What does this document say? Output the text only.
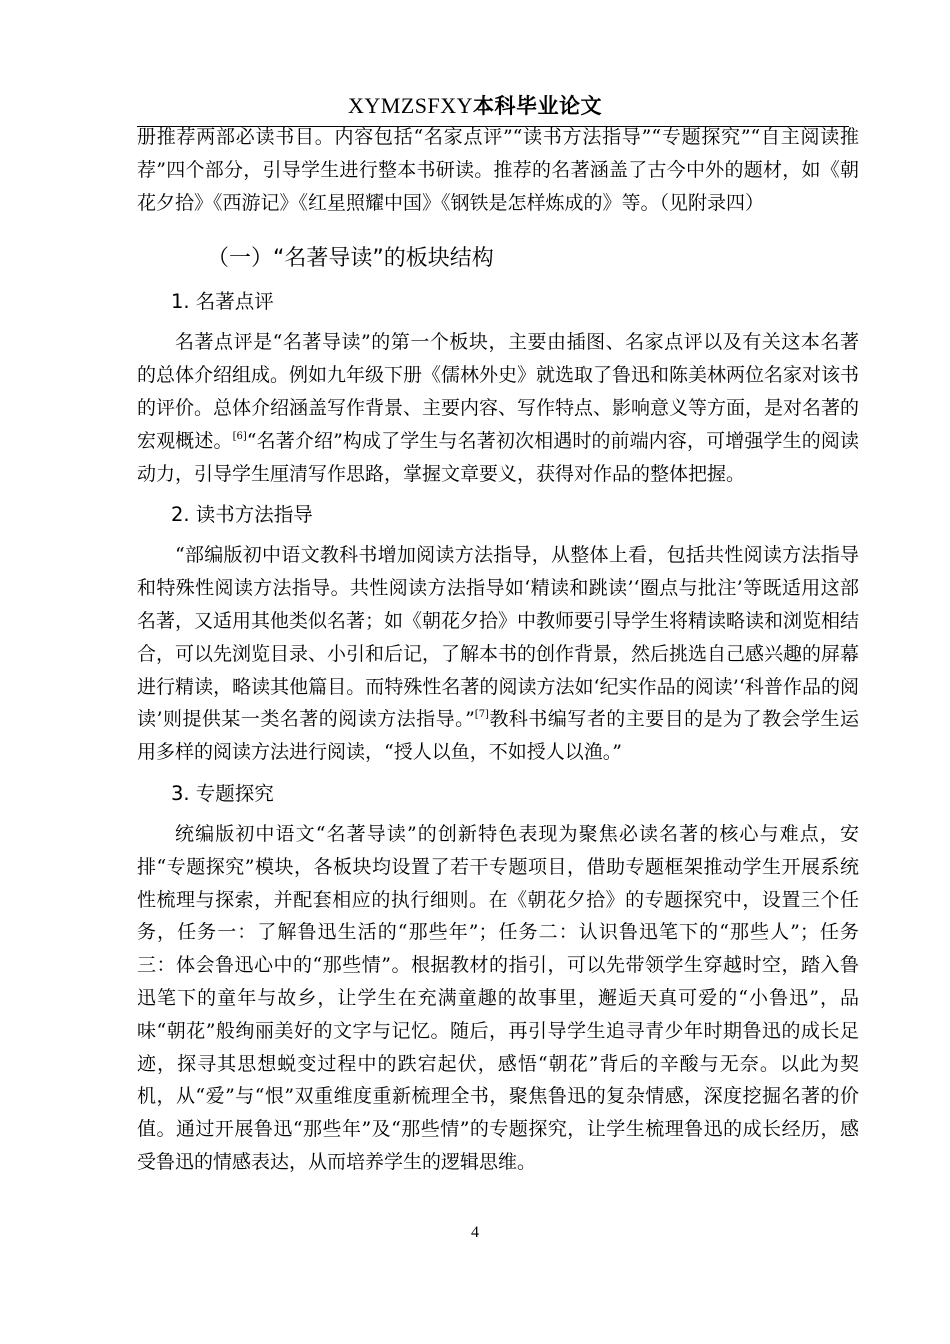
XYMZSFXY本科毕业论文

册推荐两部必读书目。内容包括“名家点评”“读书方法指导”“专题探究”“自主阅读推荐”四个部分，引导学生进行整本书研读。推荐的名著涵盖了古今中外的题材，如《朝花夕拾》《西游记》《红星照耀中国》《钢铁是怎样炼成的》等。（见附录四）

（一）“名著导读”的板块结构
1. 名著点评

名著点评是“名著导读”的第一个板块，主要由插图、名家点评以及有关这本名著的总体介绍组成。例如九年级下册《儒林外史》就选取了鲁迅和陈美林两位名家对该书的评价。总体介绍涵盖写作背景、主要内容、写作特点、影响意义等方面，是对名著的宏观概述。[6]“名著介绍”构成了学生与名著初次相遇时的前端内容，可增强学生的阅读动力，引导学生厘清写作思路，掌握文章要义，获得对作品的整体把握。

2. 读书方法指导

“部编版初中语文教科书增加阅读方法指导，从整体上看，包括共性阅读方法指导和特殊性阅读方法指导。共性阅读方法指导如‘精读和跳读’‘圈点与批注’等既适用这部名著，又适用其他类似名著；如《朝花夕拾》中教师要引导学生将精读略读和浏览相结合，可以先浏览目录、小引和后记，了解本书的创作背景，然后挑选自己感兴趣的屏幕进行精读，略读其他篇目。而特殊性名著的阅读方法如‘纪实作品的阅读’‘科普作品的阅读’则提供某一类名著的阅读方法指导。”[7]教科书编写者的主要目的是为了教会学生运用多样的阅读方法进行阅读，“授人以鱼，不如授人以渔。”

3. 专题探究

统编版初中语文“名著导读”的创新特色表现为聚焦必读名著的核心与难点，安排“专题探究”模块，各板块均设置了若干专题项目，借助专题框架推动学生开展系统性梳理与探索，并配套相应的执行细则。在《朝花夕拾》的专题探究中，设置三个任务，任务一：了解鲁迅生活的“那些年”；任务二：认识鲁迅笔下的“那些人”；任务三：体会鲁迅心中的“那些情”。根据教材的指引，可以先带领学生穿越时空，踏入鲁迅笔下的童年与故乡，让学生在充满童趣的故事里，邂逅天真可爱的“小鲁迅”，品味“朝花”般绚丽美好的文字与记忆。随后，再引导学生追寻青少年时期鲁迅的成长足迹，探寻其思想蜕变过程中的跌宕起伏，感悟“朝花”背后的辛酸与无奈。以此为契机，从“爱”与“恨”双重维度重新梳理全书，聚焦鲁迅的复杂情感，深度挖掘名著的价值。通过开展鲁迅“那些年”及“那些情”的专题探究，让学生梳理鲁迅的成长经历，感受鲁迅的情感表达，从而培养学生的逻辑思维。

4
